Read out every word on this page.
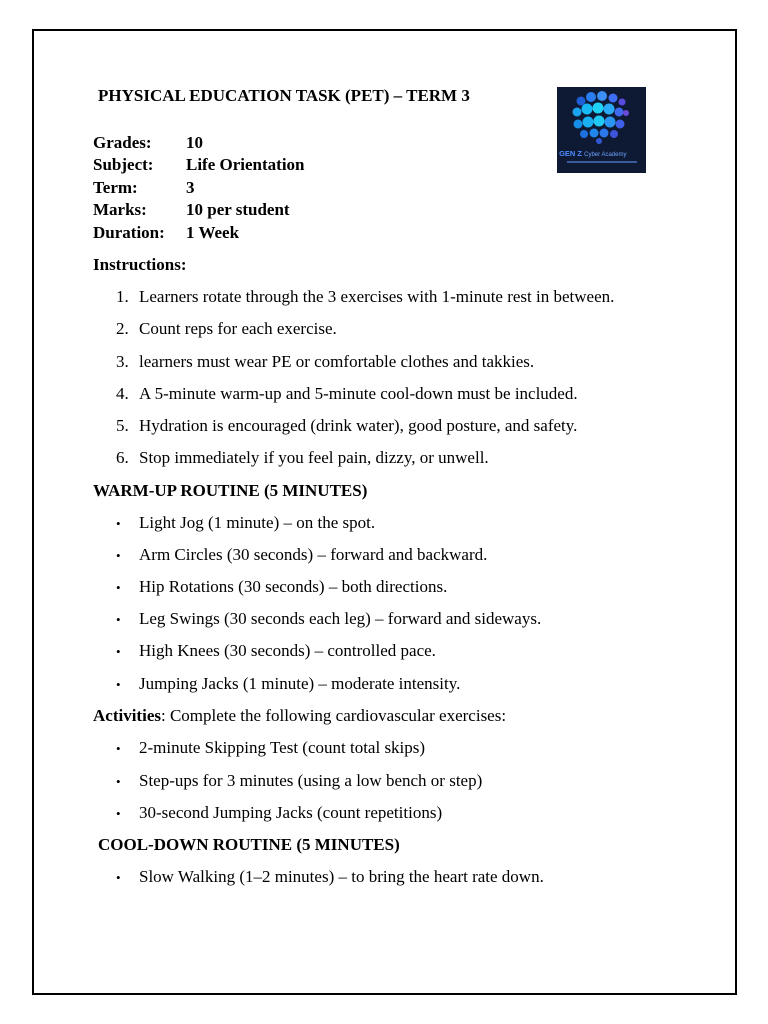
PHYSICAL EDUCATION TASK (PET) – TERM 3
GEN Z Cyber Academy
Grades: 10
Subject: Life Orientation
Term:	3
Marks: 10 per student
Duration: 1 Week
Instructions:
1. Learners rotate through the 3 exercises with 1-minute rest in between.
2. Count reps for each exercise.
3. learners must wear PE or comfortable clothes and takkies.
4. A 5-minute warm-up and 5-minute cool-down must be included.
5. Hydration is encouraged (drink water), good posture, and safety.
6. Stop immediately if you feel pain, dizzy, or unwell.
WARM-UP ROUTINE (5 MINUTES)
• Light Jog (1 minute) – on the spot.
• Arm Circles (30 seconds) – forward and backward.
• Hip Rotations (30 seconds) – both directions.
• Leg Swings (30 seconds each leg) – forward and sideways.
• High Knees (30 seconds) – controlled pace.
• Jumping Jacks (1 minute) – moderate intensity.
Activities: Complete the following cardiovascular exercises:
• 2-minute Skipping Test (count total skips)
• Step-ups for 3 minutes (using a low bench or step)
• 30-second Jumping Jacks (count repetitions)
COOL-DOWN ROUTINE (5 MINUTES)
• Slow Walking (1–2 minutes) – to bring the heart rate down.
